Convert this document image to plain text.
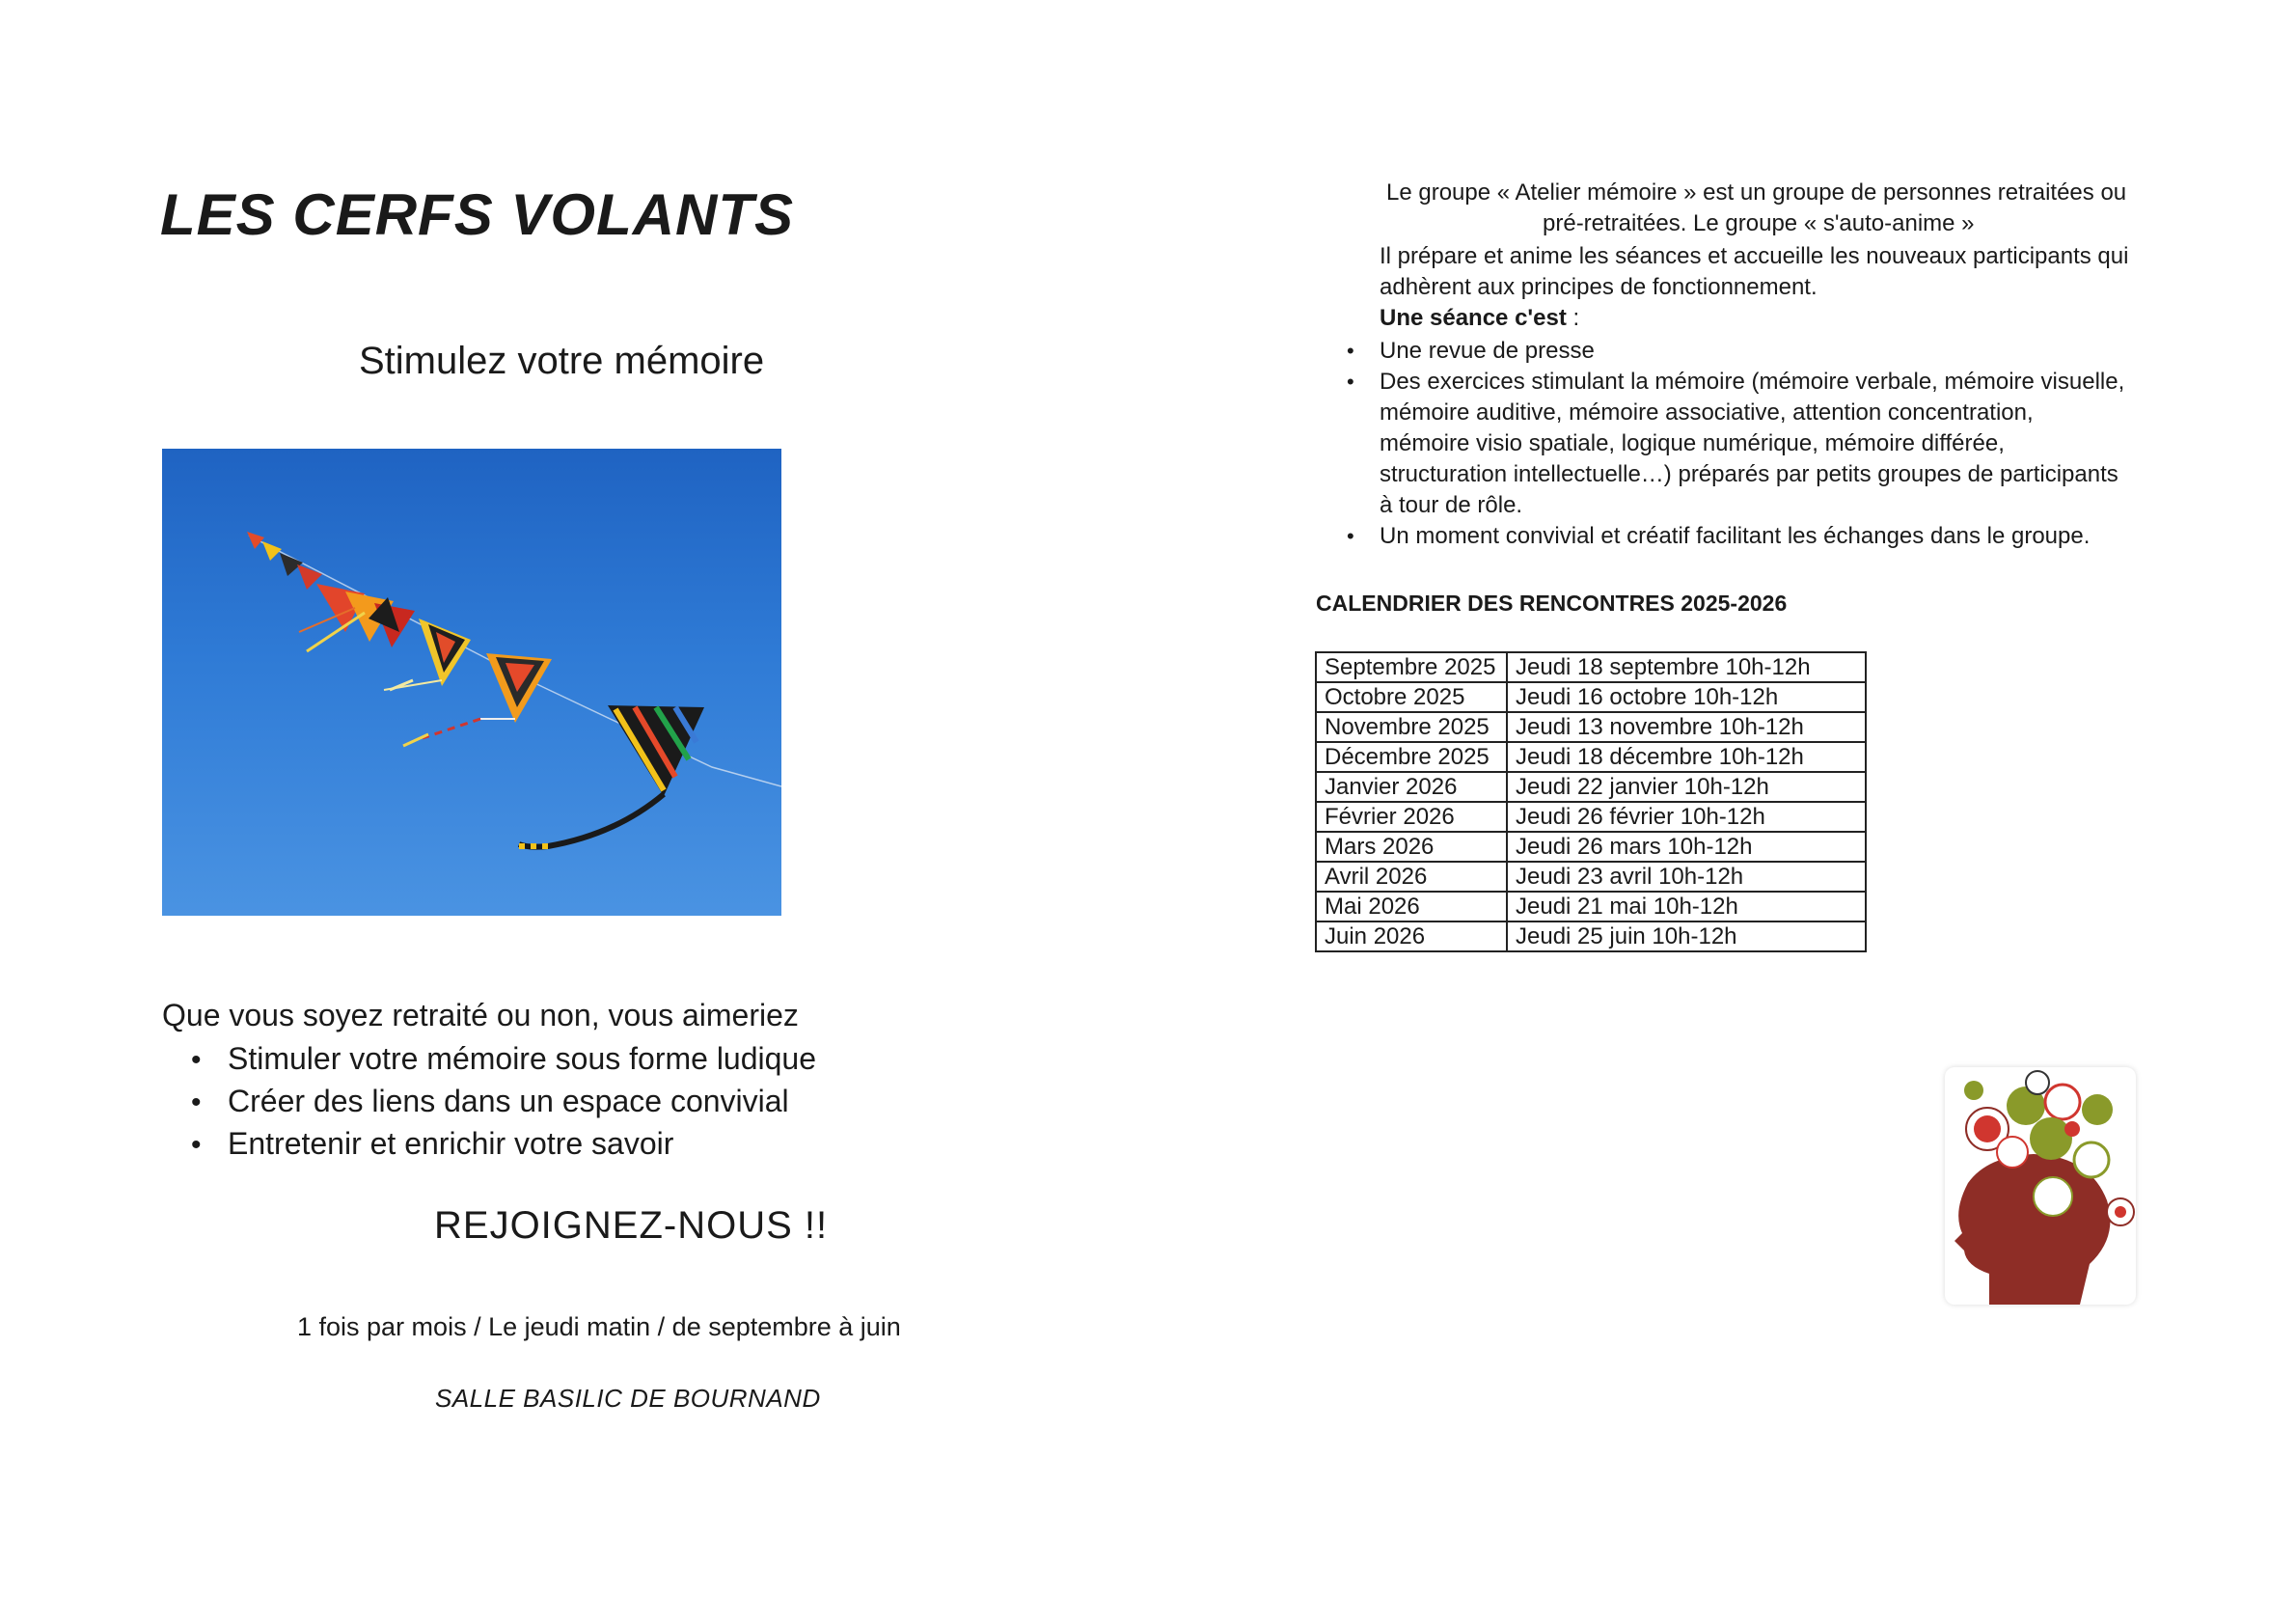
LES CERFS VOLANTS
Stimulez votre mémoire
Que vous soyez retraité ou non, vous aimeriez
• Stimuler votre mémoire sous forme ludique
• Créer des liens dans un espace convivial
• Entretenir et enrichir votre savoir
REJOIGNEZ-NOUS !!
1 fois par mois / Le jeudi matin / de septembre à juin
SALLE BASILIC DE BOURNAND
Le groupe « Atelier mémoire » est un groupe de personnes retraitées ou
pré-retraitées. Le groupe « s'auto-anime »
Il prépare et anime les séances et accueille les nouveaux participants qui
adhèrent aux principes de fonctionnement.
Une séance c'est :
• Une revue de presse
• Des exercices stimulant la mémoire (mémoire verbale, mémoire visuelle,
mémoire auditive, mémoire associative, attention concentration,
mémoire visio spatiale, logique numérique, mémoire différée,
structuration intellectuelle…) préparés par petits groupes de participants
à tour de rôle.
• Un moment convivial et créatif facilitant les échanges dans le groupe.
CALENDRIER DES RENCONTRES 2025-2026
Septembre 2025	Jeudi 18 septembre 10h-12h
Octobre 2025	Jeudi 16 octobre 10h-12h
Novembre 2025	Jeudi 13 novembre 10h-12h
Décembre 2025	Jeudi 18 décembre 10h-12h
Janvier 2026	Jeudi 22 janvier 10h-12h
Février 2026	Jeudi 26 février 10h-12h
Mars 2026	Jeudi 26 mars 10h-12h
Avril 2026	Jeudi 23 avril 10h-12h
Mai 2026	Jeudi 21 mai 10h-12h
Juin 2026	Jeudi 25 juin 10h-12h
